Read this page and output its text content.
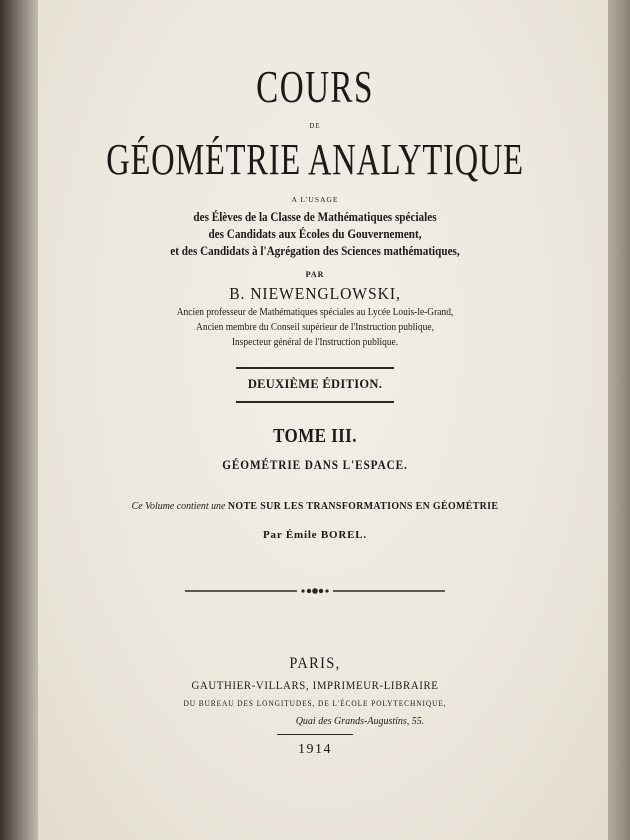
COURS
DE
GÉOMÉTRIE ANALYTIQUE
A L'USAGE
des Élèves de la Classe de Mathématiques spéciales
des Candidats aux Écoles du Gouvernement,
et des Candidats à l'Agrégation des Sciences mathématiques,
PAR
B. NIEWENGLOWSKI,
Ancien professeur de Mathématiques spéciales au Lycée Louis-le-Grand,
Ancien membre du Conseil supérieur de l'Instruction publique,
Inspecteur général de l'Instruction publique.
DEUXIÈME ÉDITION.
TOME III.
GÉOMÉTRIE DANS L'ESPACE.
Ce Volume contient une NOTE SUR LES TRANSFORMATIONS EN GÉOMÉTRIE
Par Émile BOREL.
PARIS,
GAUTHIER-VILLARS, IMPRIMEUR-LIBRAIRE
DU BUREAU DES LONGITUDES, DE L'ÉCOLE POLYTECHNIQUE,
Quai des Grands-Augustins, 55.
1914
